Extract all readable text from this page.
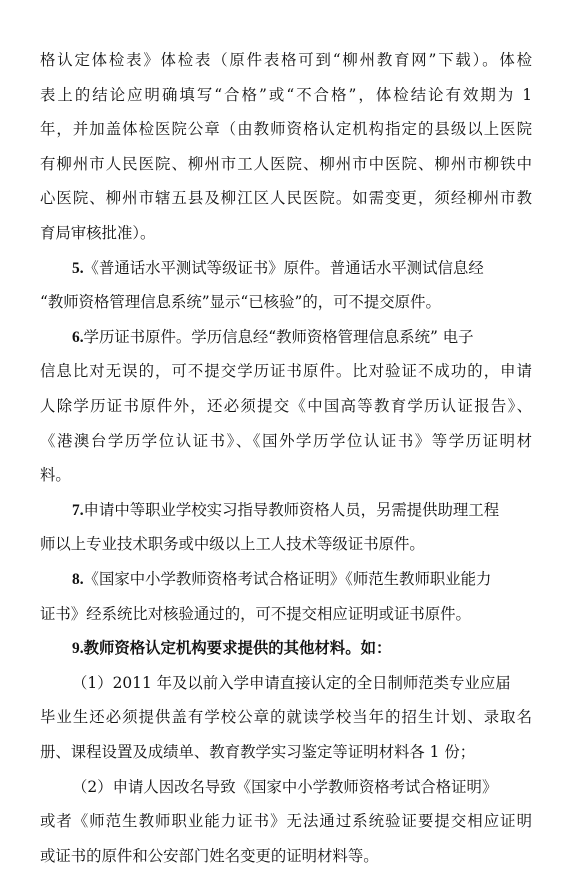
格认定体检表》体检表（原件表格可到“柳州教育网”下载）。体检
表上的结论应明确填写“合格”或“不合格”，体检结论有效期为 1
年，并加盖体检医院公章（由教师资格认定机构指定的县级以上医院
有柳州市人民医院、柳州市工人医院、柳州市中医院、柳州市柳铁中
心医院、柳州市辖五县及柳江区人民医院。如需变更，须经柳州市教
育局审核批准）。
5.《普通话水平测试等级证书》原件。普通话水平测试信息经
“教师资格管理信息系统”显示“已核验”的，可不提交原件。
6.学历证书原件。学历信息经“教师资格管理信息系统” 电子
信息比对无误的，可不提交学历证书原件。比对验证不成功的，申请
人除学历证书原件外，还必须提交《中国高等教育学历认证报告》、
《港澳台学历学位认证书》、《国外学历学位认证书》等学历证明材
料。
7.申请中等职业学校实习指导教师资格人员，另需提供助理工程
师以上专业技术职务或中级以上工人技术等级证书原件。
8.《国家中小学教师资格考试合格证明》《师范生教师职业能力
证书》经系统比对核验通过的，可不提交相应证明或证书原件。
9.教师资格认定机构要求提供的其他材料。如：
（1）2011 年及以前入学申请直接认定的全日制师范类专业应届
毕业生还必须提供盖有学校公章的就读学校当年的招生计划、录取名
册、课程设置及成绩单、教育教学实习鉴定等证明材料各 1 份；
（2）申请人因改名导致《国家中小学教师资格考试合格证明》
或者《师范生教师职业能力证书》无法通过系统验证要提交相应证明
或证书的原件和公安部门姓名变更的证明材料等。
